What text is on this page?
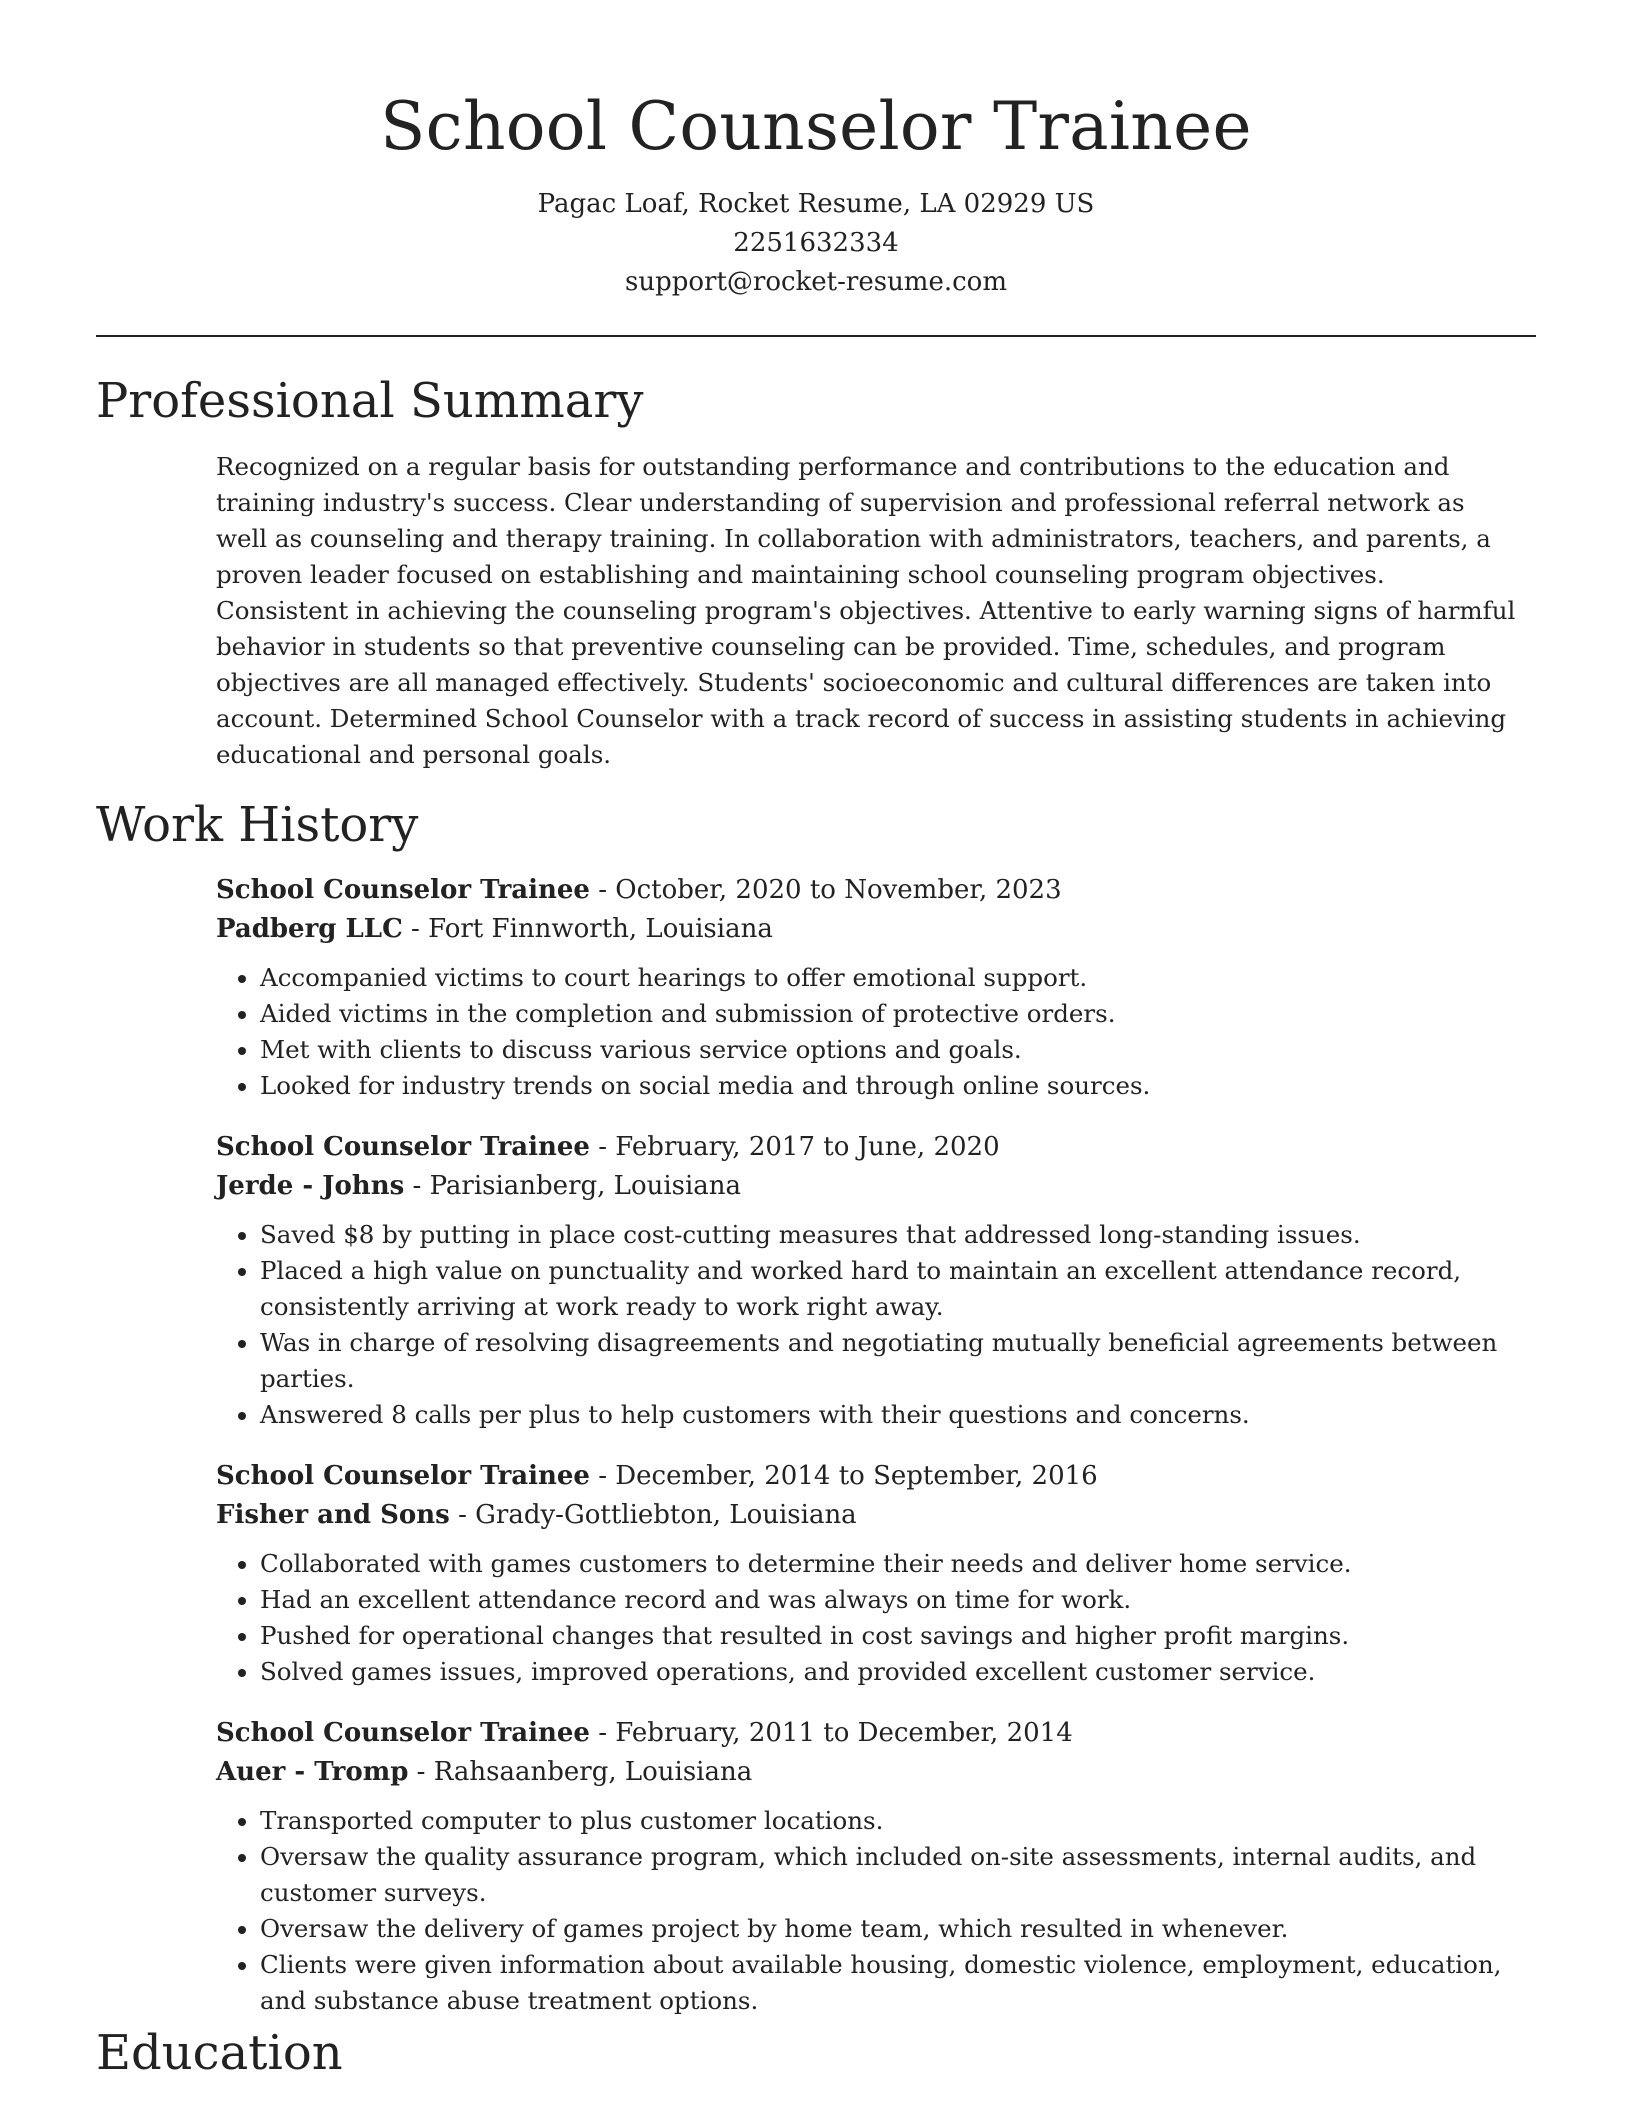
School Counselor Trainee
Pagac Loaf, Rocket Resume, LA 02929 US
2251632334
support@rocket-resume.com
Professional Summary
Recognized on a regular basis for outstanding performance and contributions to the education and training industry's success. Clear understanding of supervision and professional referral network as well as counseling and therapy training. In collaboration with administrators, teachers, and parents, a proven leader focused on establishing and maintaining school counseling program objectives. Consistent in achieving the counseling program's objectives. Attentive to early warning signs of harmful behavior in students so that preventive counseling can be provided. Time, schedules, and program objectives are all managed effectively. Students' socioeconomic and cultural differences are taken into account. Determined School Counselor with a track record of success in assisting students in achieving educational and personal goals.
Work History
School Counselor Trainee - October, 2020 to November, 2023
Padberg LLC - Fort Finnworth, Louisiana
• Accompanied victims to court hearings to offer emotional support.
• Aided victims in the completion and submission of protective orders.
• Met with clients to discuss various service options and goals.
• Looked for industry trends on social media and through online sources.
School Counselor Trainee - February, 2017 to June, 2020
Jerde - Johns - Parisianberg, Louisiana
• Saved $8 by putting in place cost-cutting measures that addressed long-standing issues.
• Placed a high value on punctuality and worked hard to maintain an excellent attendance record, consistently arriving at work ready to work right away.
• Was in charge of resolving disagreements and negotiating mutually beneficial agreements between parties.
• Answered 8 calls per plus to help customers with their questions and concerns.
School Counselor Trainee - December, 2014 to September, 2016
Fisher and Sons - Grady-Gottliebton, Louisiana
• Collaborated with games customers to determine their needs and deliver home service.
• Had an excellent attendance record and was always on time for work.
• Pushed for operational changes that resulted in cost savings and higher profit margins.
• Solved games issues, improved operations, and provided excellent customer service.
School Counselor Trainee - February, 2011 to December, 2014
Auer - Tromp - Rahsaanberg, Louisiana
• Transported computer to plus customer locations.
• Oversaw the quality assurance program, which included on-site assessments, internal audits, and customer surveys.
• Oversaw the delivery of games project by home team, which resulted in whenever.
• Clients were given information about available housing, domestic violence, employment, education, and substance abuse treatment options.
Education
